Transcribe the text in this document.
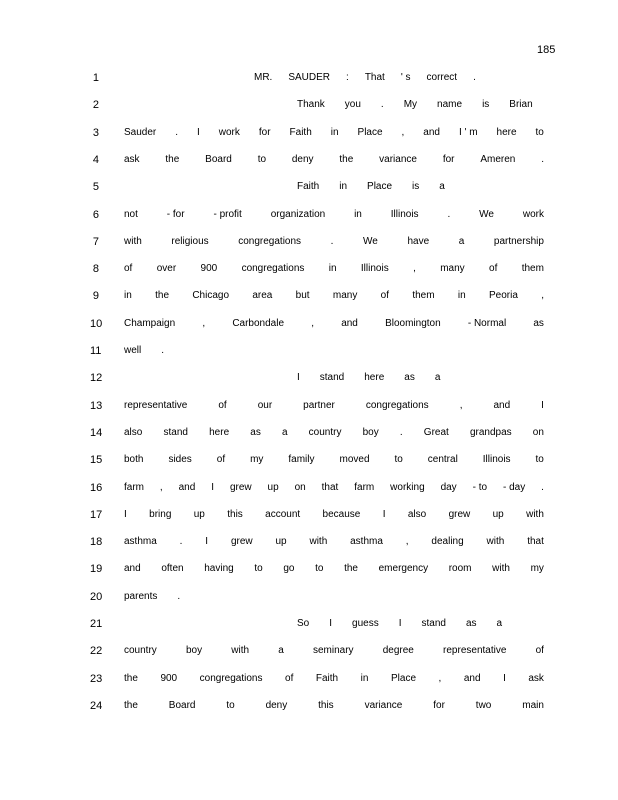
185
1	MR. SAUDER : That ' s correct .
2	Thank you . My name is Brian
3	Sauder . I work for Faith in Place , and I ' m here to
4	ask	the	Board	to	deny	the	variance	for	Ameren	.
5	Faith in Place is a
6	not	- for	- profit	organization	in	Illinois	.	We	work
7	with	religious	congregations	.	We	have	a	partnership
8	of over 900 congregations in Illinois , many of them
9	in the Chicago area but many of them in Peoria ,
10 Champaign	,	Carbondale	,	and	Bloomington	- Normal	as
11 well .
12	I stand here as a
13 representative	of	our	partner	congregations	,	and	I
14 also stand here as a country boy . Great grandpas on
15 both sides of my family moved to central Illinois to
16 farm , and I grew up on that farm working day - to - day .
17 I bring up this account because I also grew up with
18 asthma . I grew up with asthma , dealing with that
19 and often having to go to the emergency room with my
20 parents .
21	So I guess I stand as a
22 country	boy	with	a	seminary	degree	representative	of
23 the 900 congregations of Faith in Place , and I ask
24 the	Board	to	deny	this	variance	for	two	main
